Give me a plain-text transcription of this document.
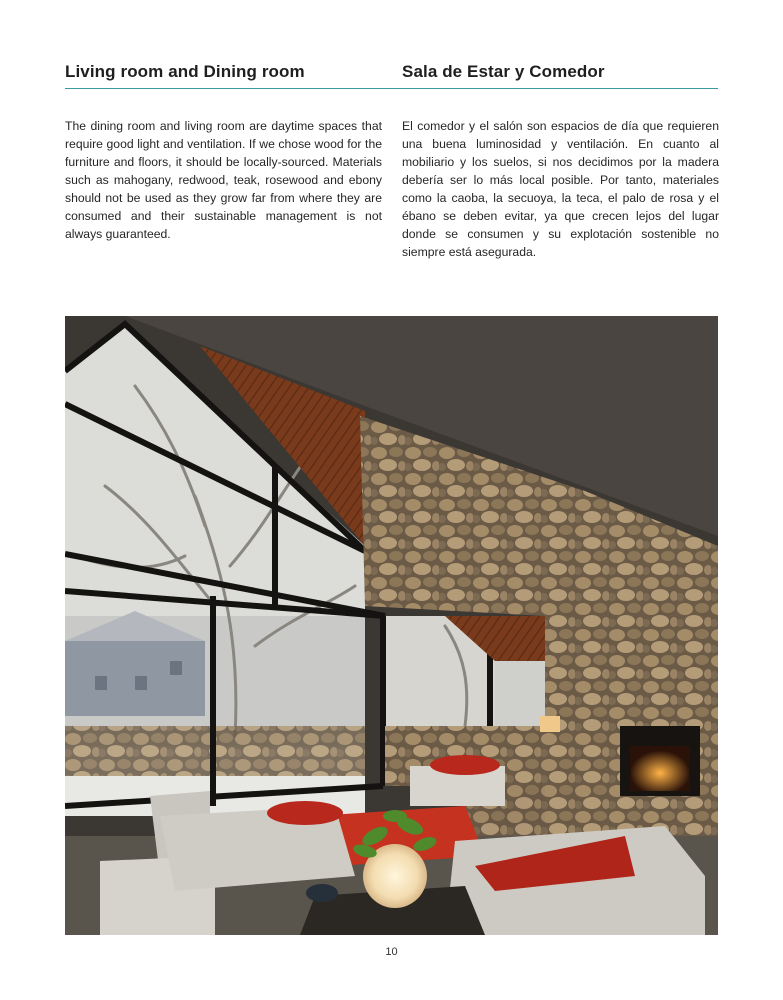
Living room and Dining room	Sala de Estar y Comedor
The dining room and living room are daytime spaces that require good light and ventilation. If we chose wood for the furniture and floors, it should be locally-sourced. Materials such as mahogany, redwood, teak, rosewood and ebony should not be used as they grow far from where they are consumed and their sustainable management is not always guaranteed.
El comedor y el salón son espacios de día que requieren una buena luminosidad y ventilación. En cuanto al mobiliario y los suelos, si nos decidimos por la madera debería ser lo más local posible. Por tanto, materiales como la caoba, la secuoya, la teca, el palo de rosa y el ébano se deben evitar, ya que crecen lejos del lugar donde se consumen y su explotación sostenible no siempre está asegurada.
10
